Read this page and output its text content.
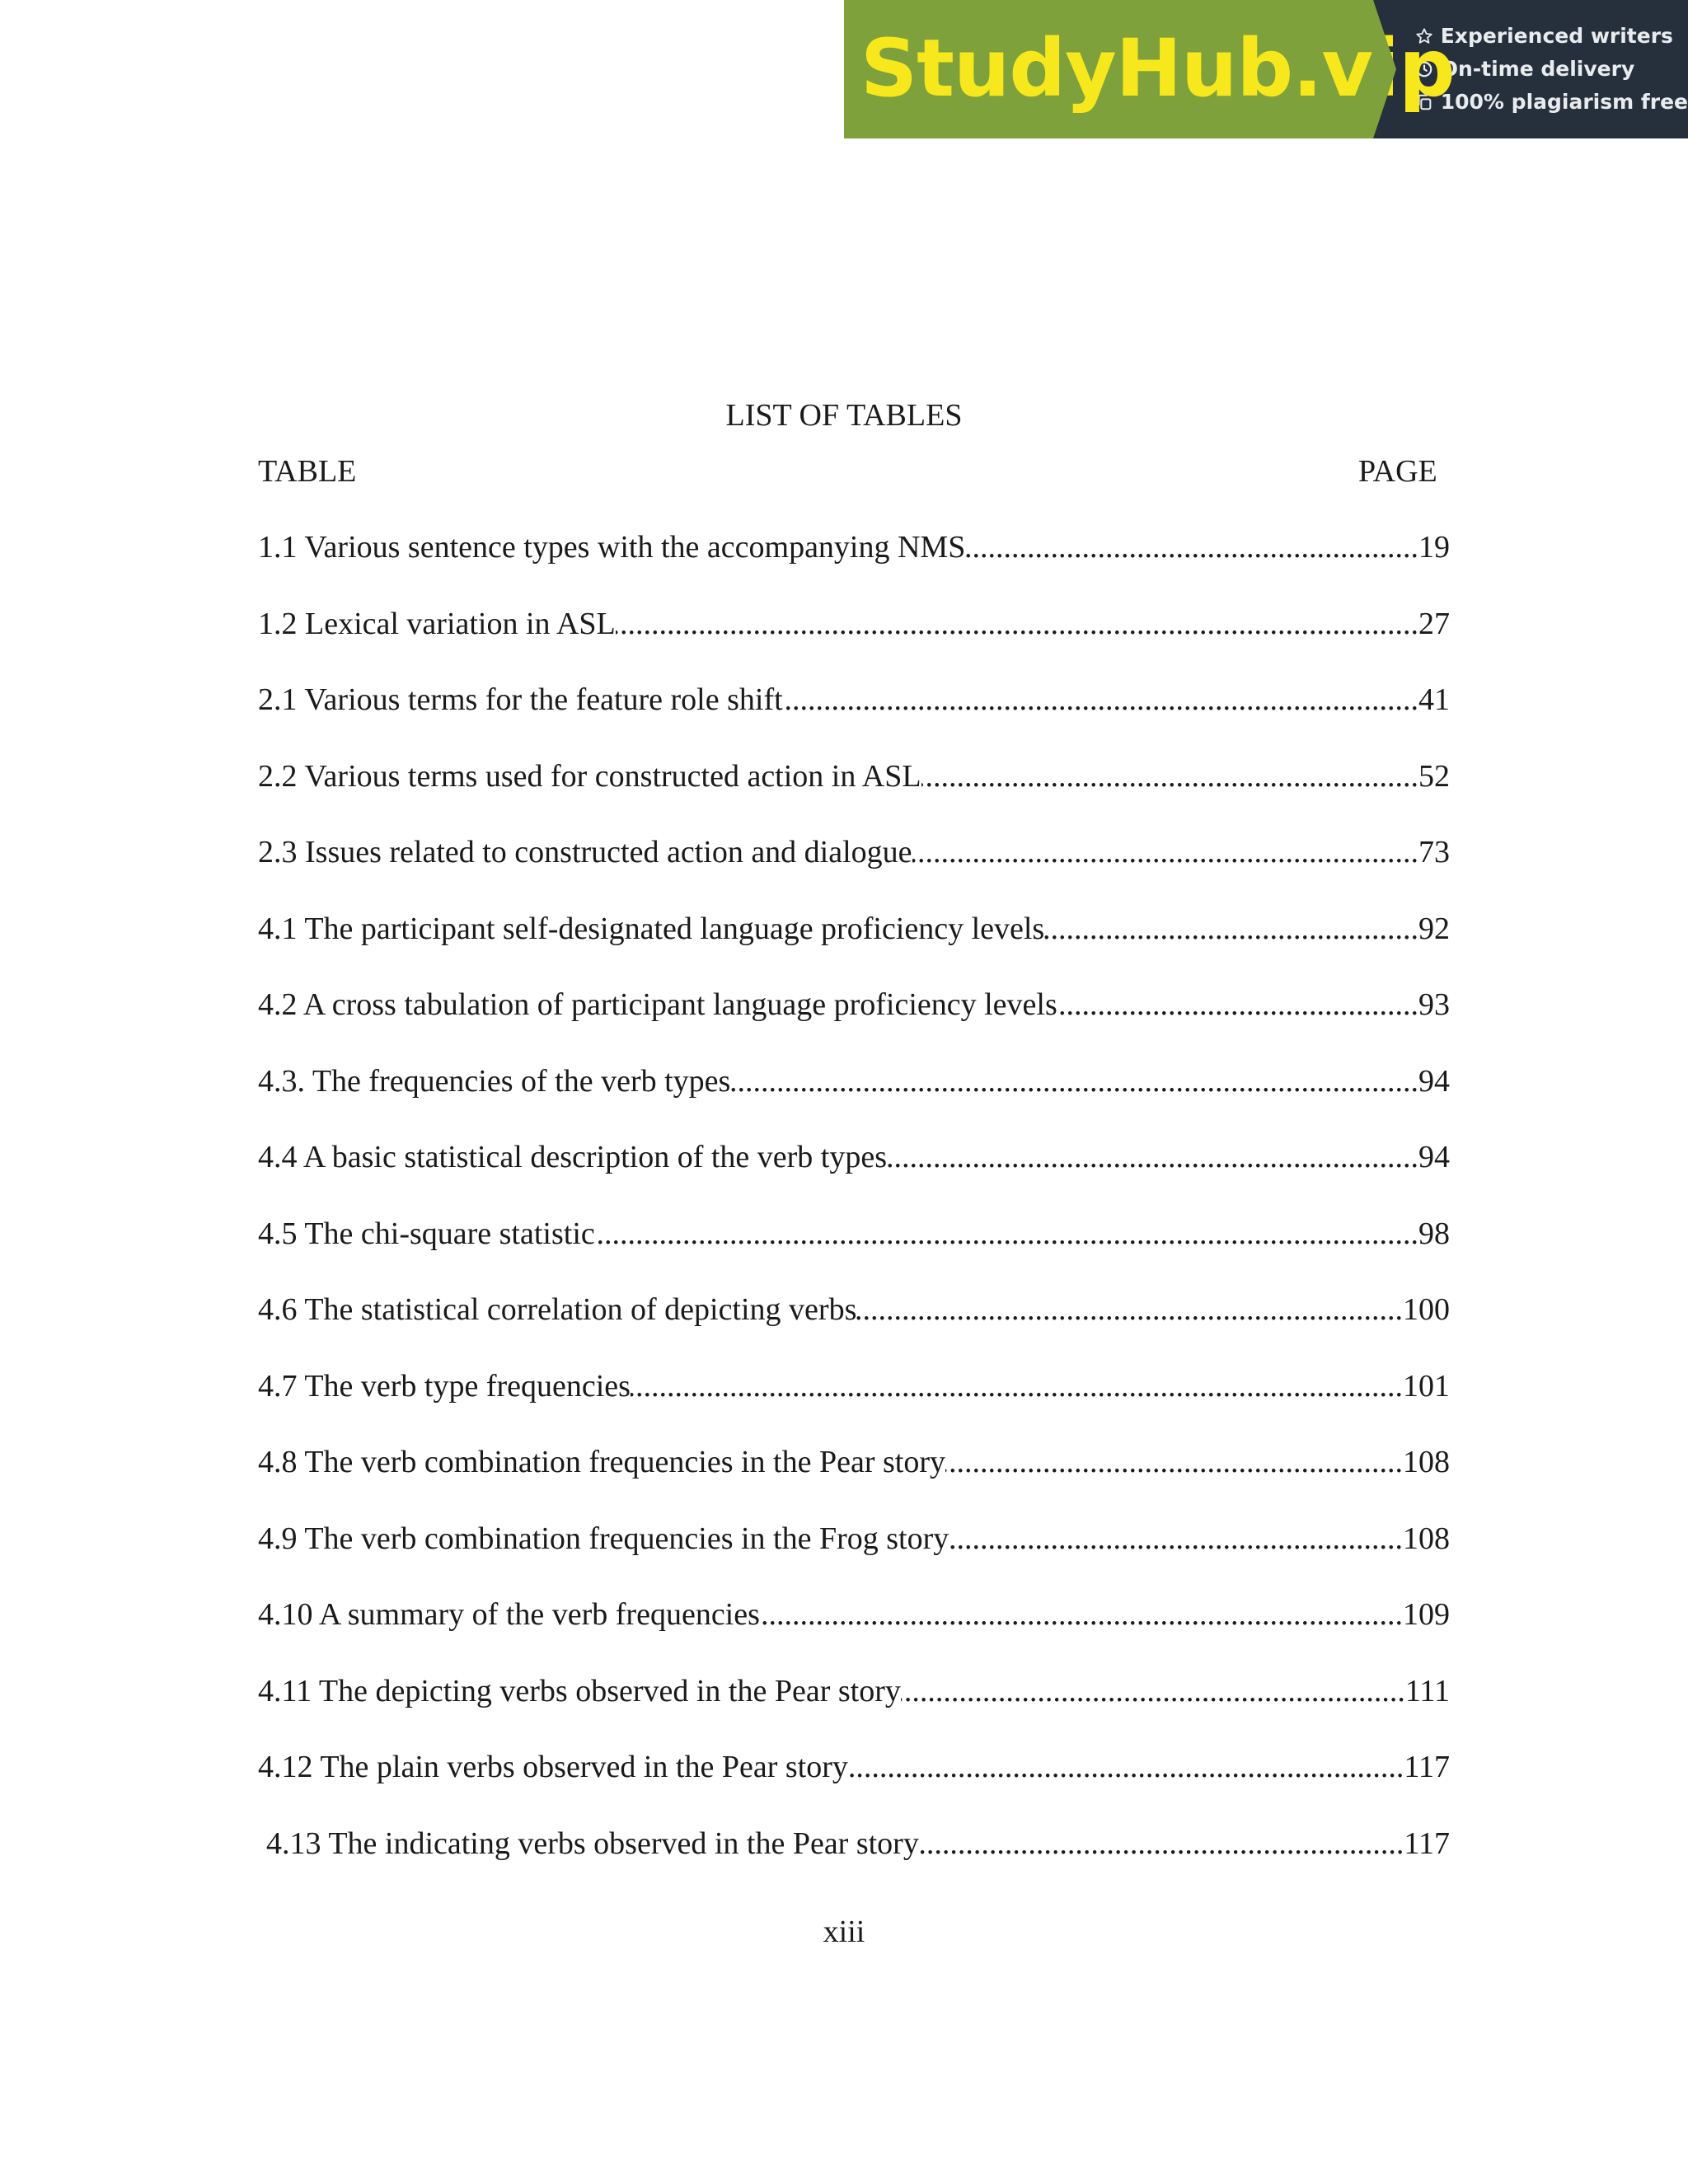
StudyHub.vip
Experienced writers
On-time delivery
100% plagiarism free
LIST OF TABLES
TABLE	PAGE
1.1 Various sentence types with the accompanying NMS .....	19
1.2 Lexical variation in ASL .....	27
2.1 Various terms for the feature role shift .....	41
2.2 Various terms used for constructed action in ASL .....	52
2.3 Issues related to constructed action and dialogue .....	73
4.1 The participant self-designated language proficiency levels .....	92
4.2 A cross tabulation of participant language proficiency levels .....	93
4.3. The frequencies of the verb types .....	94
4.4 A basic statistical description of the verb types .....	94
4.5 The chi-square statistic .....	98
4.6 The statistical correlation of depicting verbs .....	100
4.7 The verb type frequencies .....	101
4.8 The verb combination frequencies in the Pear story .....	108
4.9 The verb combination frequencies in the Frog story .....	108
4.10 A summary of the verb frequencies .....	109
4.11 The depicting verbs observed in the Pear story .....	111
4.12 The plain verbs observed in the Pear story .....	117
4.13 The indicating verbs observed in the Pear story .....	117
xiii
